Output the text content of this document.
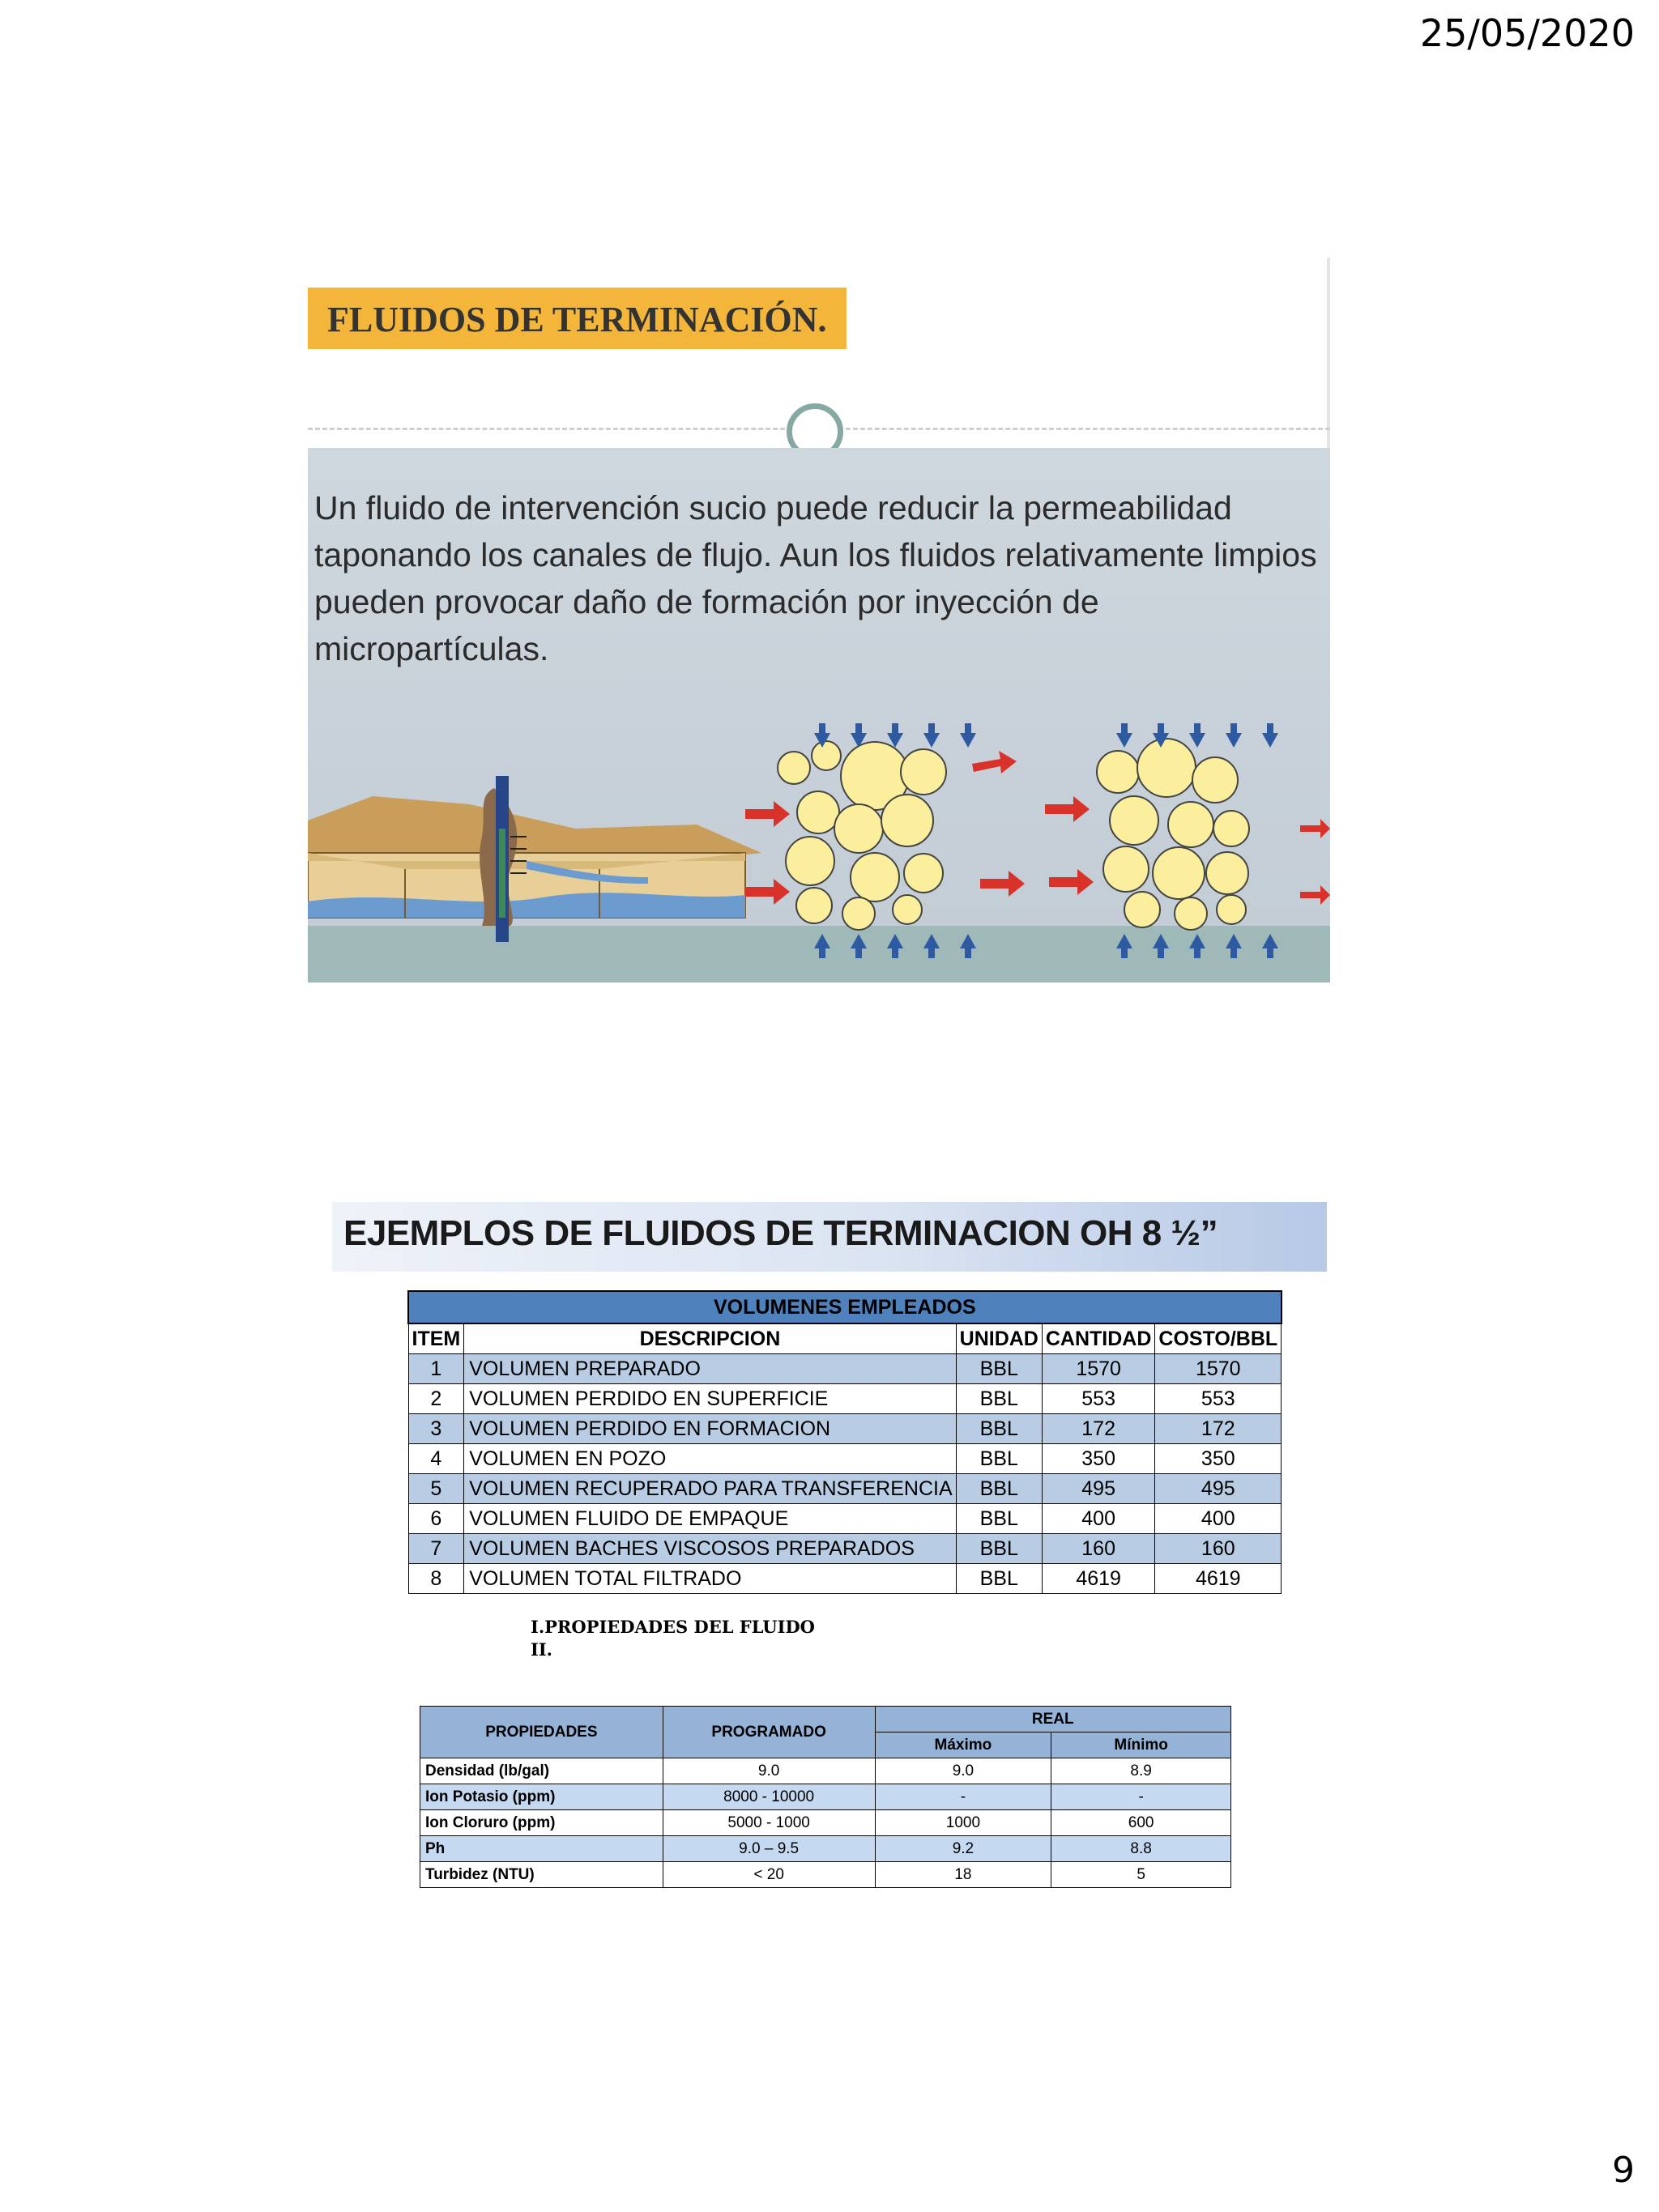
25/05/2020
FLUIDOS DE TERMINACIÓN.
Un fluido de intervención sucio puede reducir la permeabilidad taponando los canales de flujo. Aun los fluidos relativamente limpios pueden provocar daño de formación por inyección de micropartículas.
EJEMPLOS DE FLUIDOS DE TERMINACION OH 8 ½”
VOLUMENES EMPLEADOS				
ITEM	DESCRIPCION	UNIDAD	CANTIDAD	COSTO/BBL
1	VOLUMEN PREPARADO	BBL	1570	1570
2	VOLUMEN PERDIDO EN SUPERFICIE	BBL	553	553
3	VOLUMEN PERDIDO EN FORMACION	BBL	172	172
4	VOLUMEN EN POZO	BBL	350	350
5	VOLUMEN RECUPERADO PARA TRANSFERENCIA	BBL	495	495
6	VOLUMEN FLUIDO DE EMPAQUE	BBL	400	400
7	VOLUMEN BACHES VISCOSOS PREPARADOS	BBL	160	160
8	VOLUMEN TOTAL FILTRADO	BBL	4619	4619
I.PROPIEDADES DEL FLUIDO
II.
PROPIEDADES	PROGRAMADO	REAL	
		Máximo	Mínimo
Densidad (lb/gal)	9.0	9.0	8.9
Ion Potasio (ppm)	8000 - 10000	-	-
Ion Cloruro (ppm)	5000 - 1000	1000	600
Ph	9.0 – 9.5	9.2	8.8
Turbidez (NTU)	< 20	18	5
9
